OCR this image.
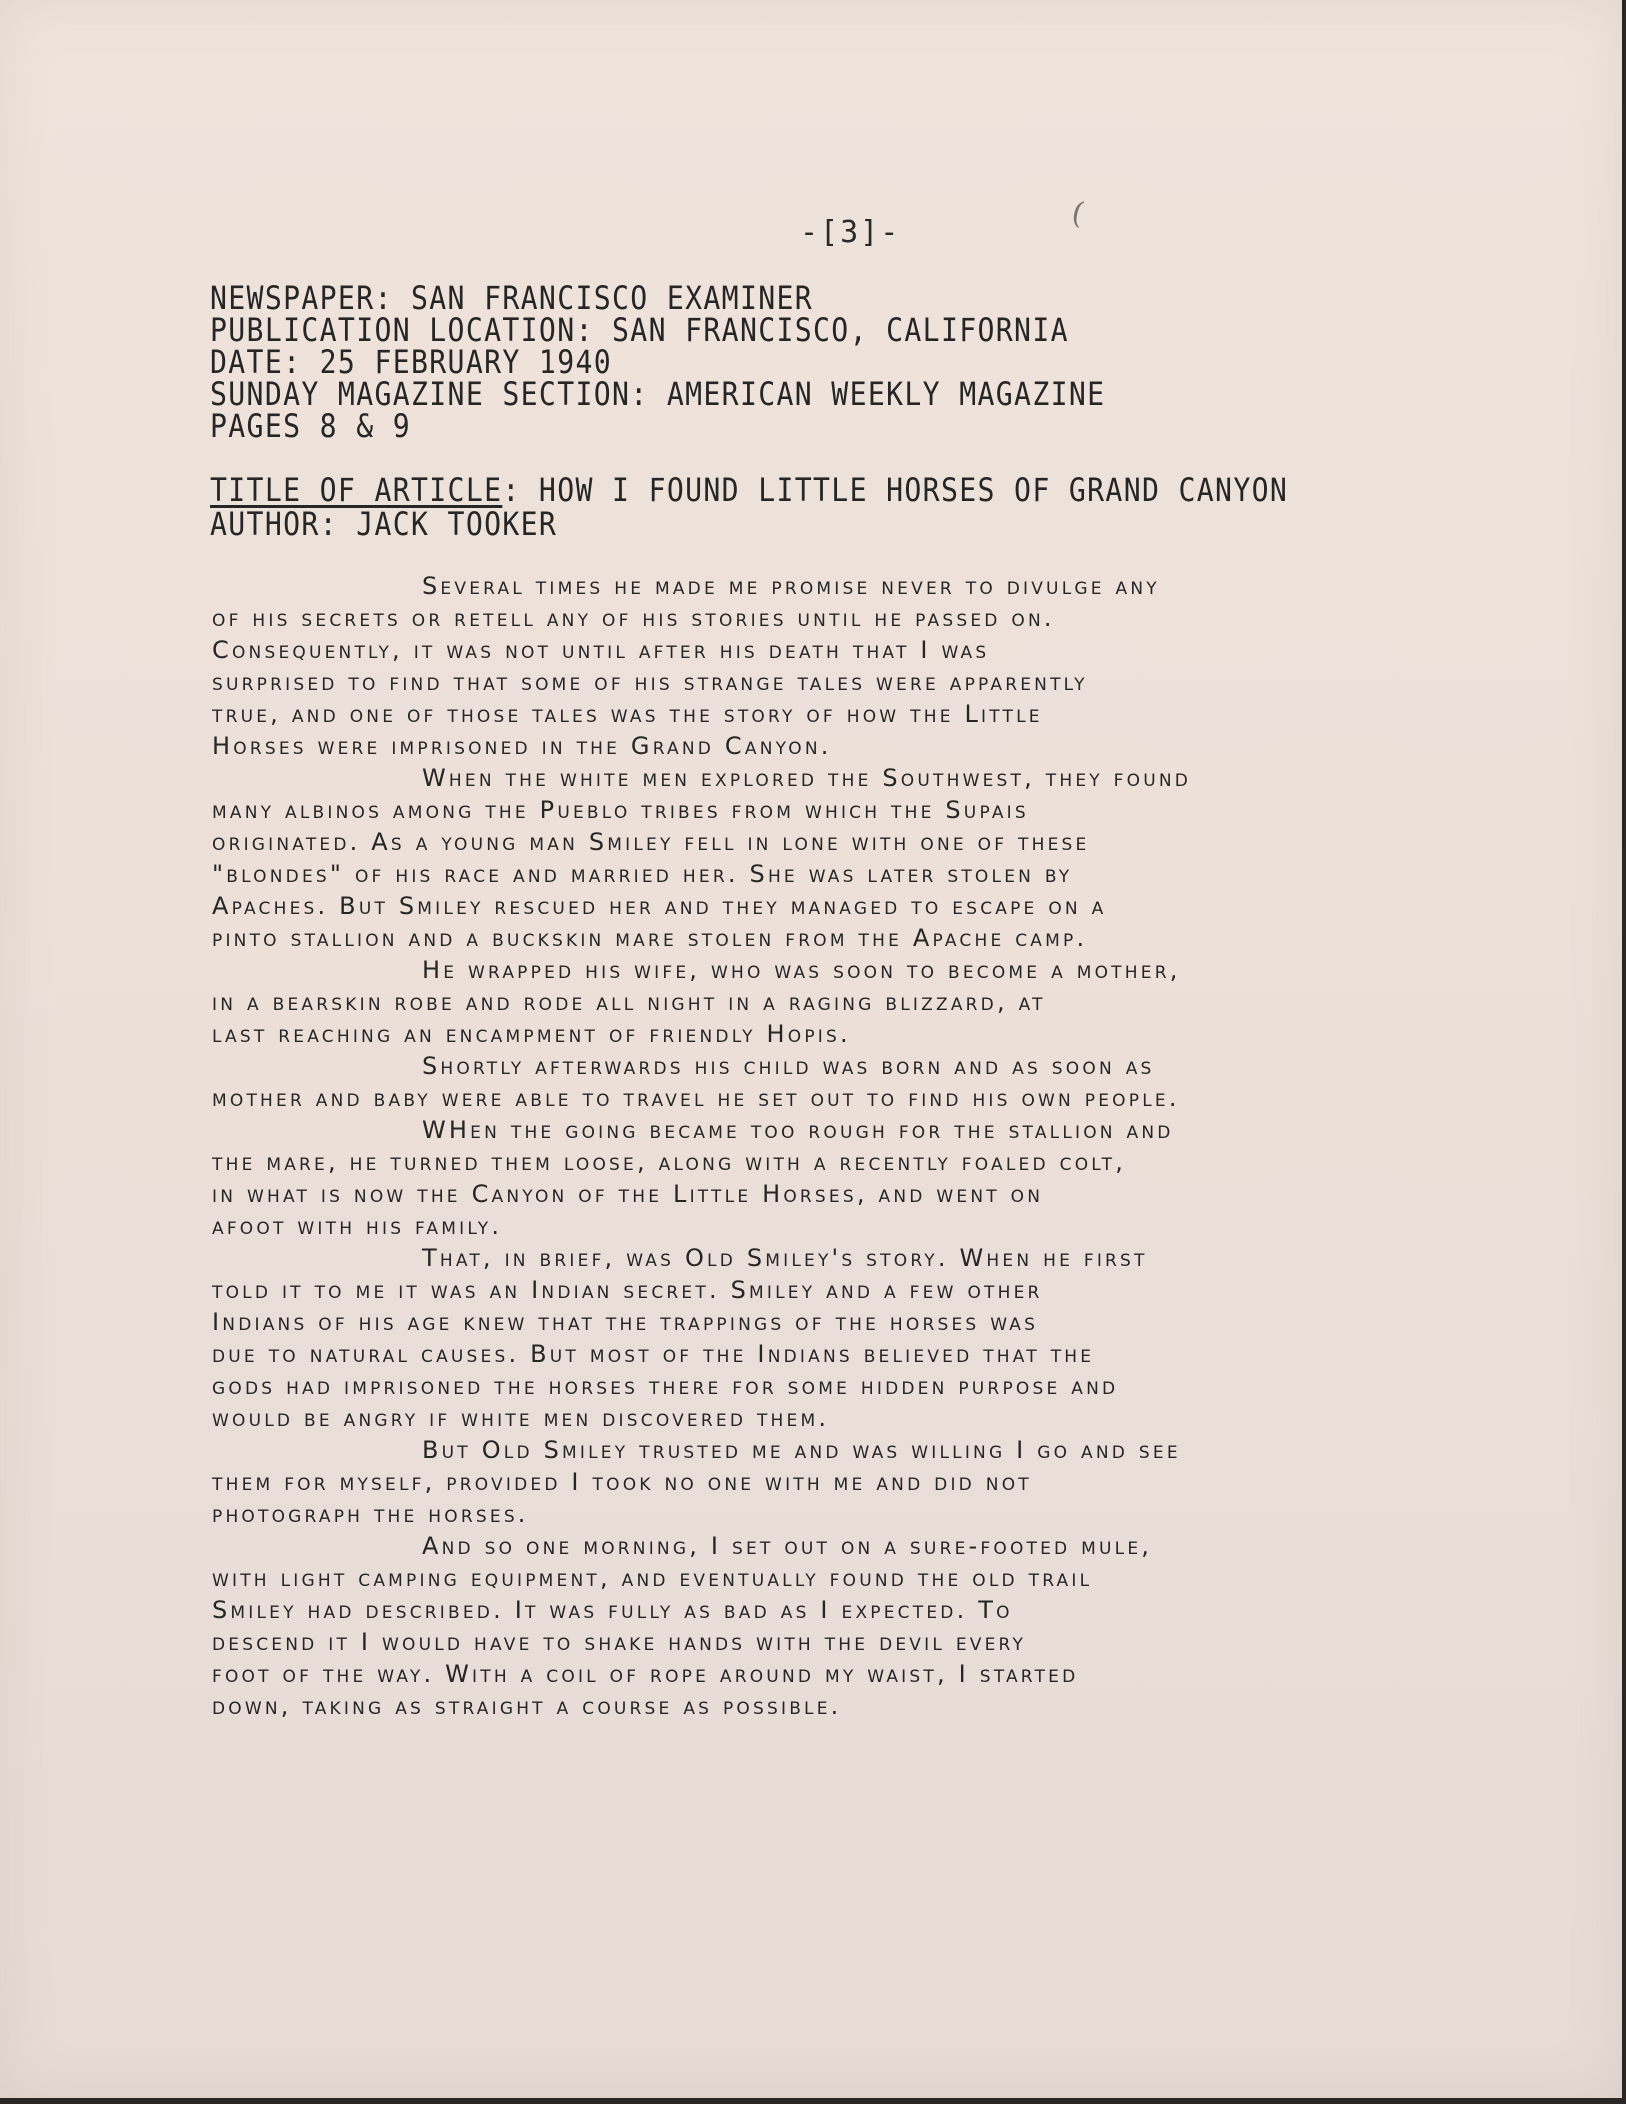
-[3]-
(
NEWSPAPER: SAN FRANCISCO EXAMINER
PUBLICATION LOCATION: SAN FRANCISCO, CALIFORNIA
DATE: 25 FEBRUARY 1940
SUNDAY MAGAZINE SECTION: AMERICAN WEEKLY MAGAZINE
PAGES 8 & 9
TITLE OF ARTICLE: HOW I FOUND LITTLE HORSES OF GRAND CANYON
AUTHOR: JACK TOOKER
Several times he made me promise never to divulge any
of his secrets or retell any of his stories until he passed on.
Consequently, it was not until after his death that I was
surprised to find that some of his strange tales were apparently
true, and one of those tales was the story of how the Little
Horses were imprisoned in the Grand Canyon.
When the white men explored the Southwest, they found
many albinos among the Pueblo tribes from which the Supais
originated. As a young man Smiley fell in lone with one of these
"blondes" of his race and married her. She was later stolen by
Apaches. But Smiley rescued her and they managed to escape on a
pinto stallion and a buckskin mare stolen from the Apache camp.
He wrapped his wife, who was soon to become a mother,
in a bearskin robe and rode all night in a raging blizzard, at
last reaching an encampment of friendly Hopis.
Shortly afterwards his child was born and as soon as
mother and baby were able to travel he set out to find his own people.
WHen the going became too rough for the stallion and
the mare, he turned them loose, along with a recently foaled colt,
in what is now the Canyon of the Little Horses, and went on
afoot with his family.
That, in brief, was Old Smiley's story. When he first
told it to me it was an Indian secret. Smiley and a few other
Indians of his age knew that the trappings of the horses was
due to natural causes. But most of the Indians believed that the
gods had imprisoned the horses there for some hidden purpose and
would be angry if white men discovered them.
But Old Smiley trusted me and was willing I go and see
them for myself, provided I took no one with me and did not
photograph the horses.
And so one morning, I set out on a sure-footed mule,
with light camping equipment, and eventually found the old trail
Smiley had described. It was fully as bad as I expected. To
descend it I would have to shake hands with the devil every
foot of the way. With a coil of rope around my waist, I started
down, taking as straight a course as possible.
